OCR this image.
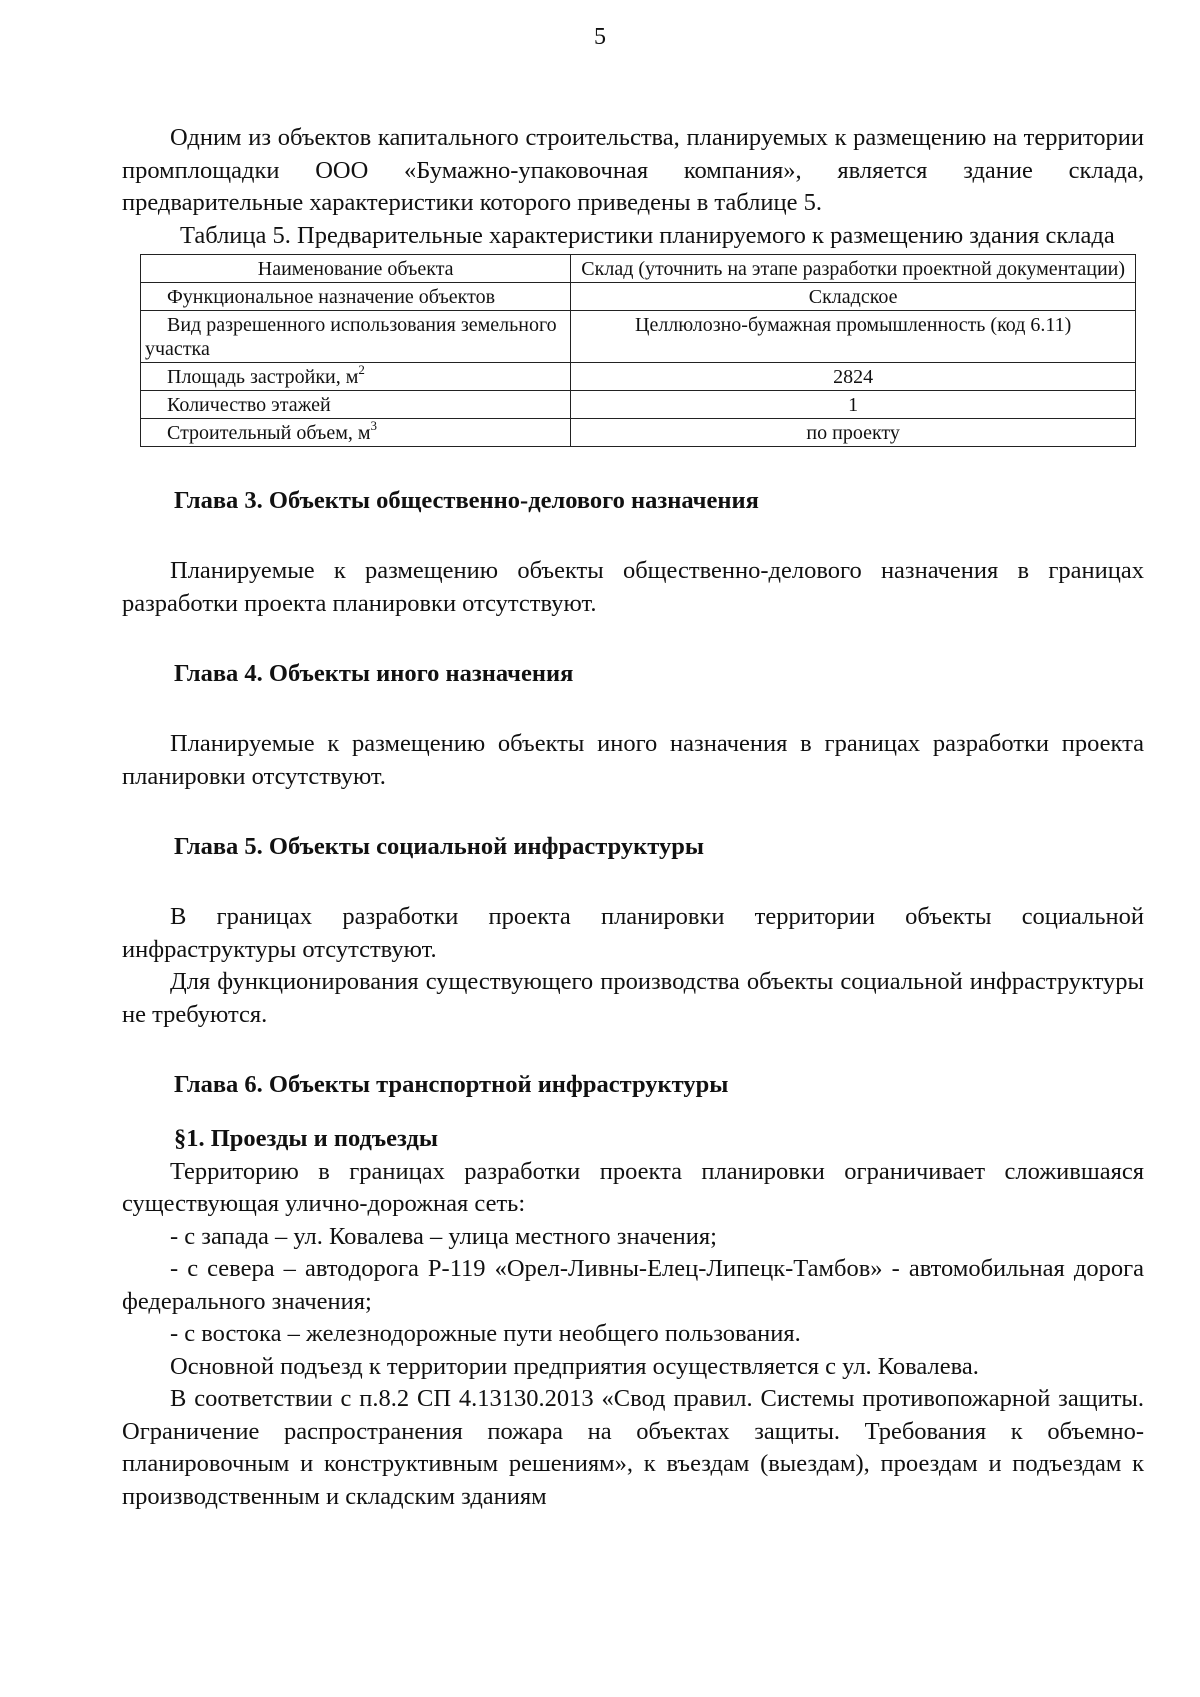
5

Одним из объектов капитального строительства, планируемых к размещению на территории промплощадки ООО «Бумажно-упаковочная компания», является здание склада, предварительные характеристики которого приведены в таблице 5.

Таблица 5. Предварительные характеристики планируемого к размещению здания склада

Наименование объекта	Склад (уточнить на этапе разработки проектной документации)
Функциональное назначение объектов	Складское
Вид разрешенного использования земельного участка	Целлюлозно-бумажная промышленность (код 6.11)
Площадь застройки, $м^2$	2824
Количество этажей	1
Строительный объем, $м^3$	по проекту
Глава 3. Объекты общественно-делового назначения

Планируемые к размещению объекты общественно-делового назначения в границах разработки проекта планировки отсутствуют.

Глава 4. Объекты иного назначения

Планируемые к размещению объекты иного назначения в границах разработки проекта планировки отсутствуют.

Глава 5. Объекты социальной инфраструктуры

В границах разработки проекта планировки территории объекты социальной инфраструктуры отсутствуют.

Для функционирования существующего производства объекты социальной инфраструктуры не требуются.

Глава 6. Объекты транспортной инфраструктуры
§1. Проезды и подъезды

Территорию в границах разработки проекта планировки ограничивает сложившаяся существующая улично-дорожная сеть:

- с запада – ул. Ковалева – улица местного значения;

- с севера – автодорога Р-119 «Орел-Ливны-Елец-Липецк-Тамбов» - автомобильная дорога федерального значения;

- с востока – железнодорожные пути необщего пользования.

Основной подъезд к территории предприятия осуществляется с ул. Ковалева.

В соответствии с п.8.2 СП 4.13130.2013 «Свод правил. Системы противопожарной защиты. Ограничение распространения пожара на объектах защиты. Требования к объемно-планировочным и конструктивным решениям», к въездам (выездам), проездам и подъездам к производственным и складским зданиям
